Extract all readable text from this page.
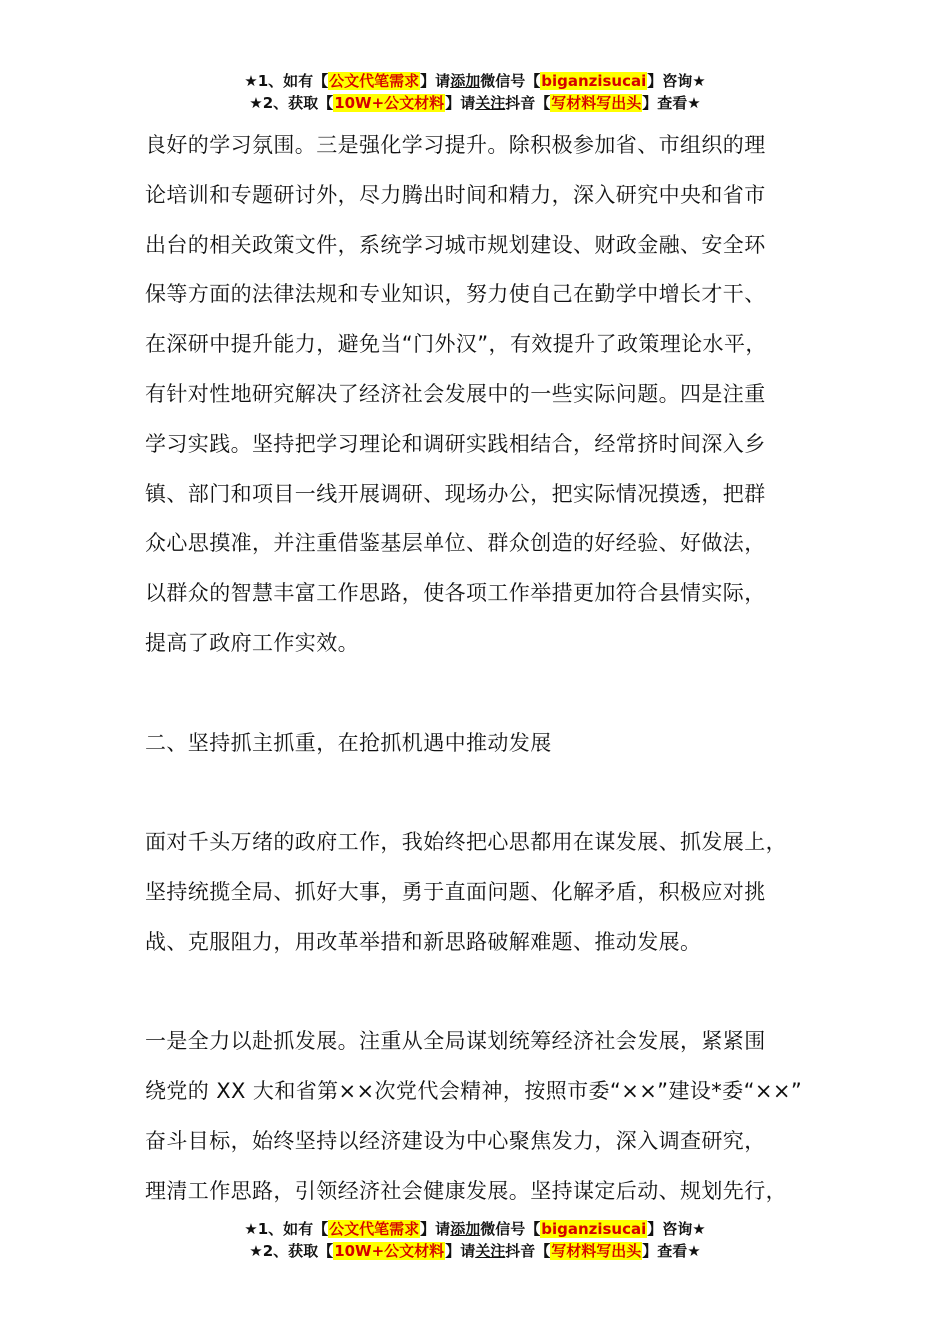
★1、如有【公文代笔需求】请添加微信号【biganzisucai】咨询★
★2、获取【10W+公文材料】请关注抖音【写材料写出头】查看★

良好的学习氛围。三是强化学习提升。除积极参加省、市组织的理

论培训和专题研讨外，尽力腾出时间和精力，深入研究中央和省市

出台的相关政策文件，系统学习城市规划建设、财政金融、安全环

保等方面的法律法规和专业知识，努力使自己在勤学中增长才干、

在深研中提升能力，避免当“门外汉”，有效提升了政策理论水平，

有针对性地研究解决了经济社会发展中的一些实际问题。四是注重

学习实践。坚持把学习理论和调研实践相结合，经常挤时间深入乡

镇、部门和项目一线开展调研、现场办公，把实际情况摸透，把群

众心思摸准，并注重借鉴基层单位、群众创造的好经验、好做法，

以群众的智慧丰富工作思路，使各项工作举措更加符合县情实际，

提高了政府工作实效。

二、坚持抓主抓重，在抢抓机遇中推动发展

面对千头万绪的政府工作，我始终把心思都用在谋发展、抓发展上，

坚持统揽全局、抓好大事，勇于直面问题、化解矛盾，积极应对挑

战、克服阻力，用改革举措和新思路破解难题、推动发展。

一是全力以赴抓发展。注重从全局谋划统筹经济社会发展，紧紧围

绕党的 XX 大和省第××次党代会精神，按照市委“××”建设*委“××”

奋斗目标，始终坚持以经济建设为中心聚焦发力，深入调查研究，

理清工作思路，引领经济社会健康发展。坚持谋定后动、规划先行，

★1、如有【公文代笔需求】请添加微信号【biganzisucai】咨询★
★2、获取【10W+公文材料】请关注抖音【写材料写出头】查看★
